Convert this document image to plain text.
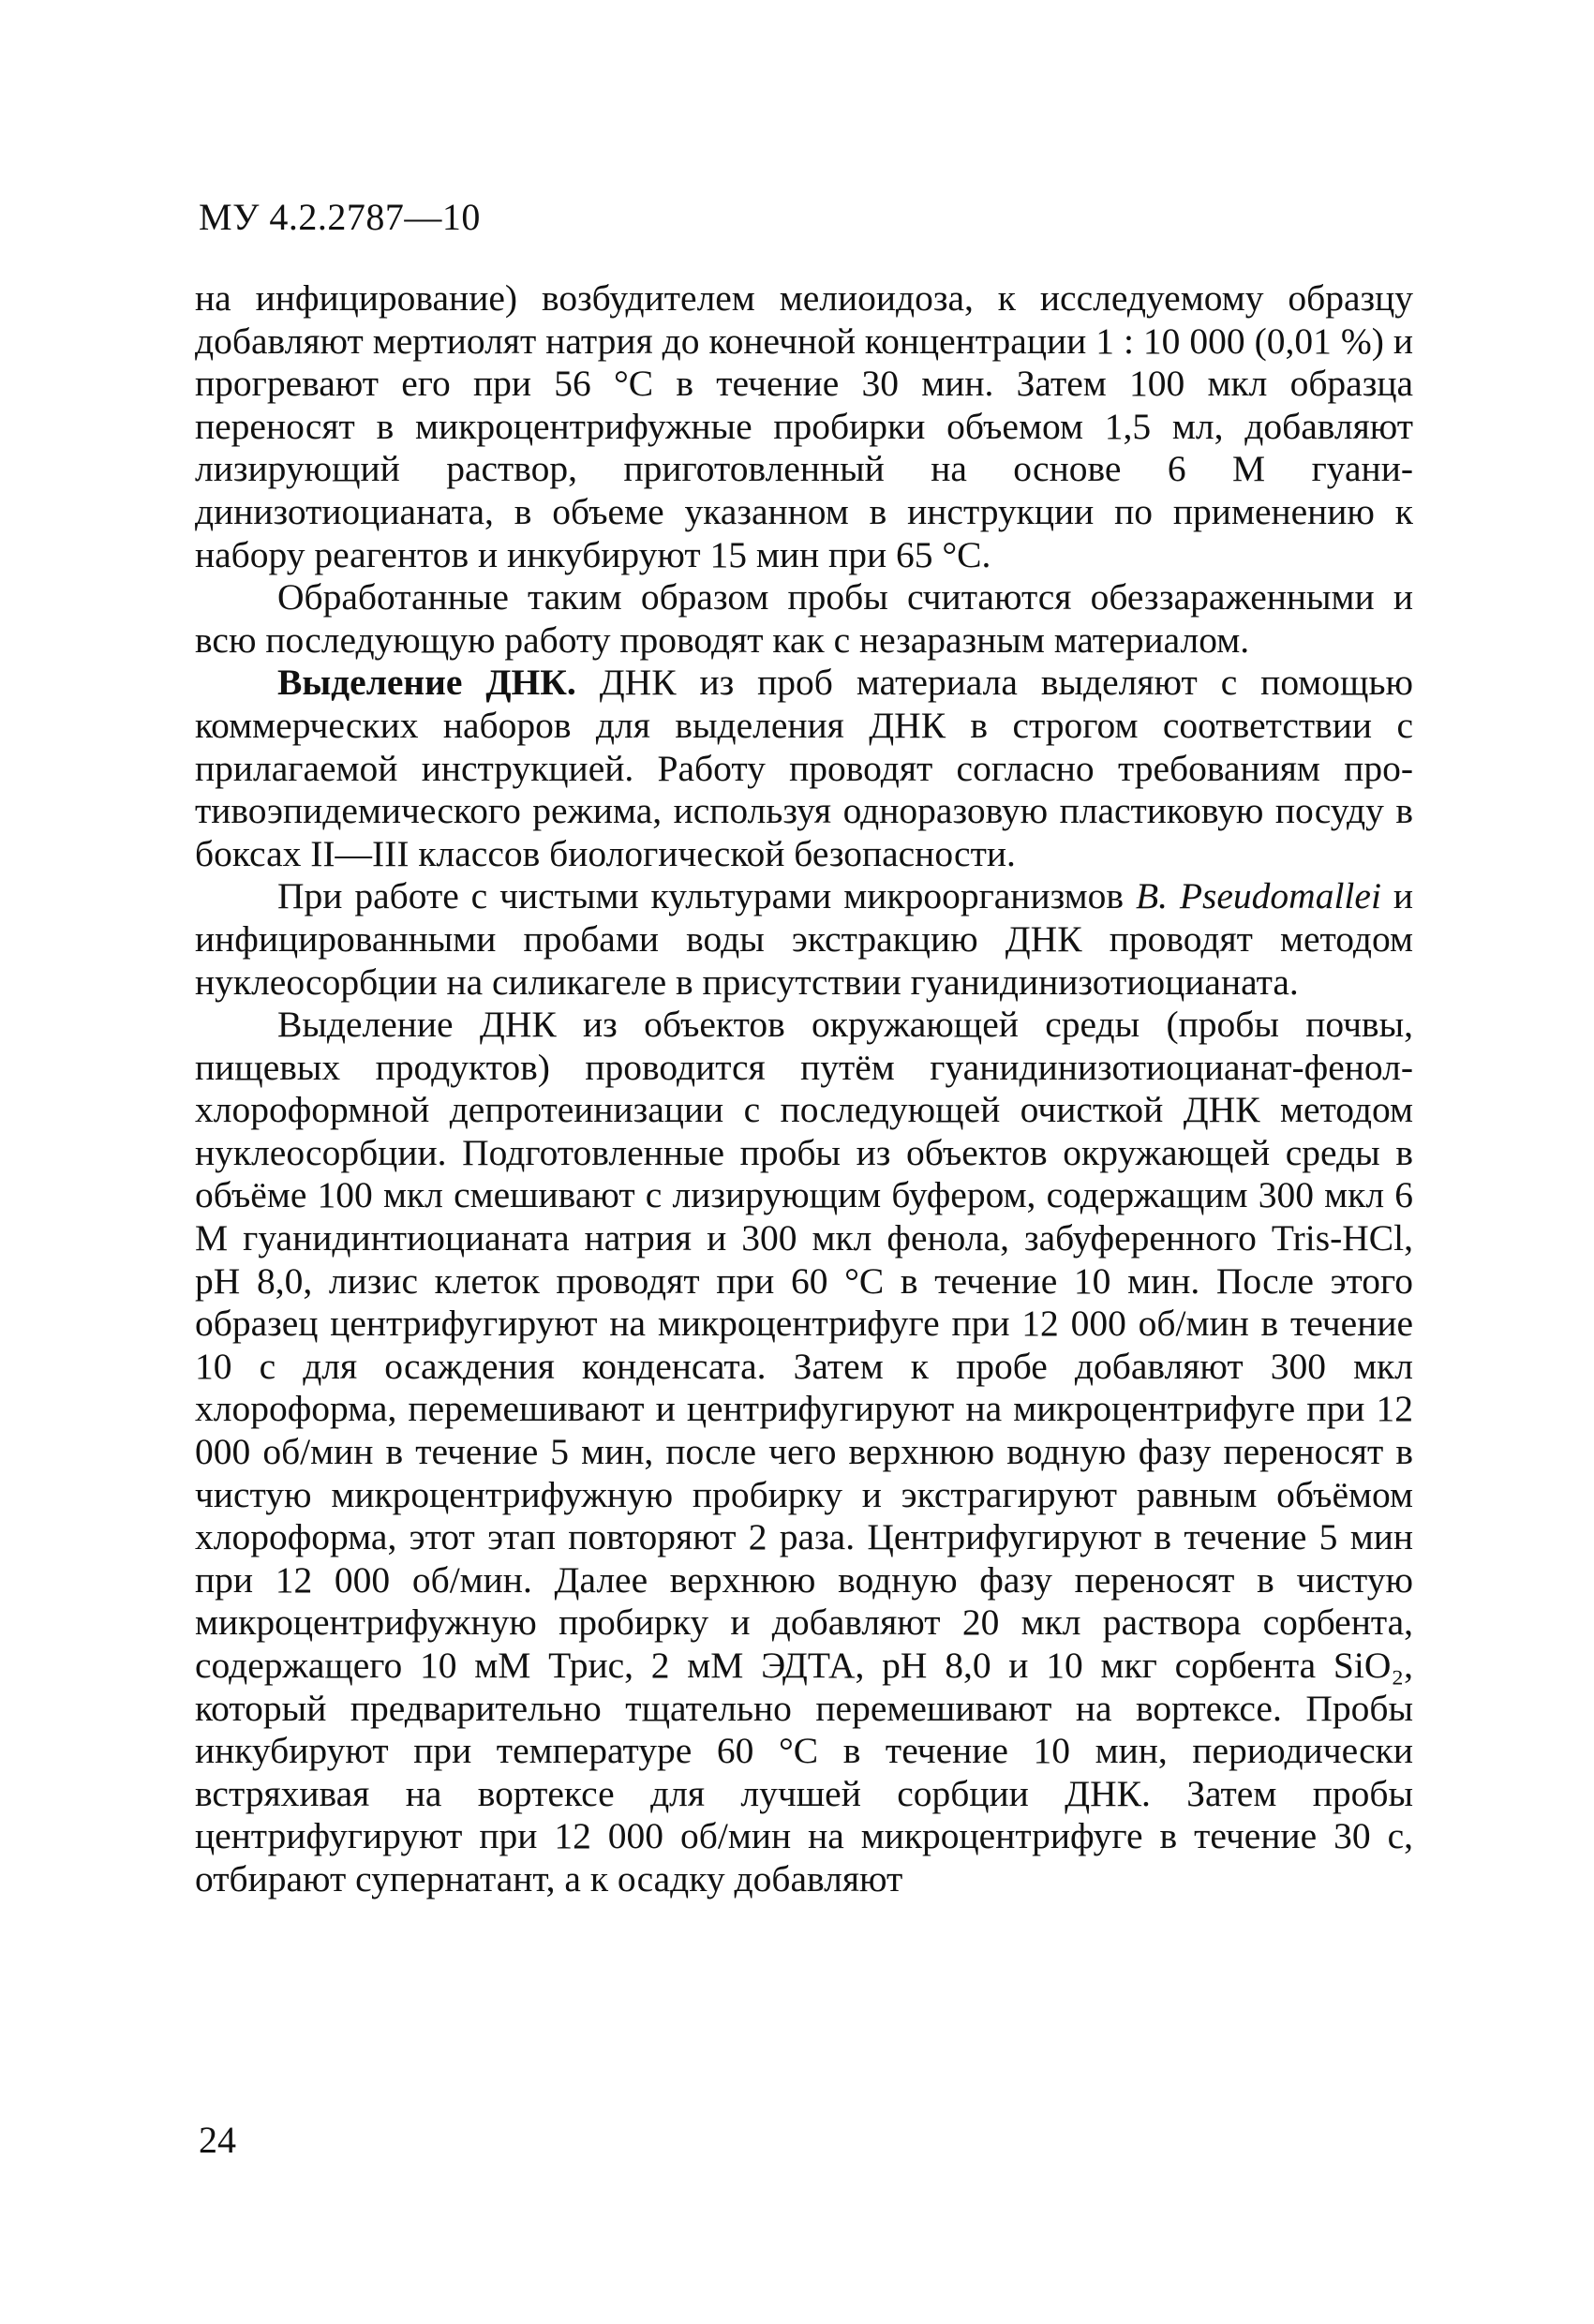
МУ 4.2.2787—10

на инфицирование) возбудителем мелиоидоза, к исследуемому образцу добавляют мертиолят натрия до конечной концентрации 1 : 10 000 (0,01 %) и прогревают его при 56 °С в течение 30 мин. Затем 100 мкл образца переносят в микроцентрифужные пробирки объемом 1,5 мл, добавляют лизирующий раствор, приготовленный на основе 6 М гуанидинизотиоцианата, в объеме указанном в инструкции по применению к набору реагентов и инкубируют 15 мин при 65 °С.

Обработанные таким образом пробы считаются обеззараженными и всю последующую работу проводят как с незаразным материалом.

Выделение ДНК. ДНК из проб материала выделяют с помощью коммерческих наборов для выделения ДНК в строгом соответствии с прилагаемой инструкцией. Работу проводят согласно требованиям противоэпидемического режима, используя одноразовую пластиковую посуду в боксах II—III классов биологической безопасности.

При работе с чистыми культурами микроорганизмов B. Pseudomallei и инфицированными пробами воды экстракцию ДНК проводят методом нуклеосорбции на силикагеле в присутствии гуанидинизотиоцианата.

Выделение ДНК из объектов окружающей среды (пробы почвы, пищевых продуктов) проводится путём гуанидинизотиоцианат-фенол-хлороформной депротеинизации с последующей очисткой ДНК методом нуклеосорбции. Подготовленные пробы из объектов окружающей среды в объёме 100 мкл смешивают с лизирующим буфером, содержащим 300 мкл 6 М гуанидинтиоцианата натрия и 300 мкл фенола, забуференного Tris-HCl, pH 8,0, лизис клеток проводят при 60 °С в течение 10 мин. После этого образец центрифугируют на микроцентрифуге при 12 000 об/мин в течение 10 с для осаждения конденсата. Затем к пробе добавляют 300 мкл хлороформа, перемешивают и центрифугируют на микроцентрифуге при 12 000 об/мин в течение 5 мин, после чего верхнюю водную фазу переносят в чистую микроцентрифужную пробирку и экстрагируют равным объёмом хлороформа, этот этап повторяют 2 раза. Центрифугируют в течение 5 мин при 12 000 об/мин. Далее верхнюю водную фазу переносят в чистую микроцентрифужную пробирку и добавляют 20 мкл раствора сорбента, содержащего 10 мМ Трис, 2 мМ ЭДТА, pH 8,0 и 10 мкг сорбента SiO₂, который предварительно тщательно перемешивают на вортексе. Пробы инкубируют при температуре 60 °С в течение 10 мин, периодически встряхивая на вортексе для лучшей сорбции ДНК. Затем пробы центрифугируют при 12 000 об/мин на микроцентрифуге в течение 30 с, отбирают супернатант, а к осадку добавляют

24
